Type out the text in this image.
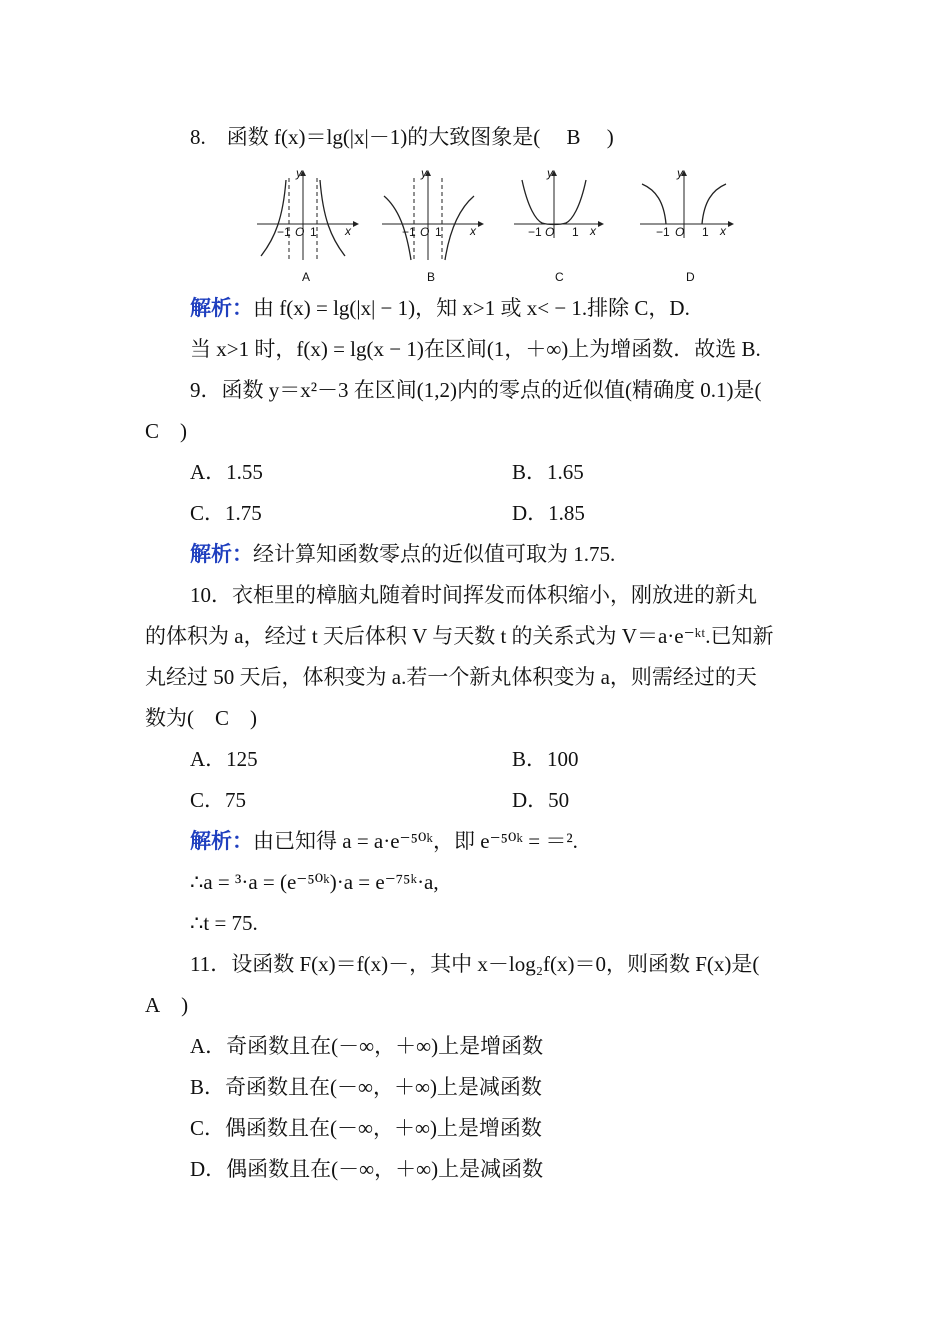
8. 函数 f(x)＝lg(|x|－1)的大致图象是(  B  )
y
x
−1 O 1
A
y
x
−1 O 1
B
y
x
−1 O 1
C
y
x
−1 O 1
D
解析：由 f(x) = lg(|x| − 1)，知 x>1 或 x< − 1.排除 C，D.
当 x>1 时，f(x) = lg(x − 1)在区间(1，＋∞)上为增函数．故选 B.
9．函数 y＝x²－3 在区间(1,2)内的零点的近似值(精确度 0.1)是(
C )
A．1.55	B．1.65
C．1.75	D．1.85
解析：经计算知函数零点的近似值可取为 1.75.
10．衣柜里的樟脑丸随着时间挥发而体积缩小，刚放进的新丸
的体积为 a，经过 t 天后体积 V 与天数 t 的关系式为 V＝a·e⁻ᵏᵗ.已知新
丸经过 50 天后，体积变为 a.若一个新丸体积变为 a，则需经过的天
数为( C )
A．125	B．100
C．75	D．50
解析：由已知得 a = a·e⁻⁵⁰ᵏ，即 e⁻⁵⁰ᵏ = ＝².
∴a = ³·a = (e⁻⁵⁰ᵏ)·a = e⁻⁷⁵ᵏ·a,
∴t = 75.
11．设函数 F(x)＝f(x)－，其中 x－log₂f(x)＝0，则函数 F(x)是(
A )
A．奇函数且在(－∞，＋∞)上是增函数
B．奇函数且在(－∞，＋∞)上是减函数
C．偶函数且在(－∞，＋∞)上是增函数
D．偶函数且在(－∞，＋∞)上是减函数
